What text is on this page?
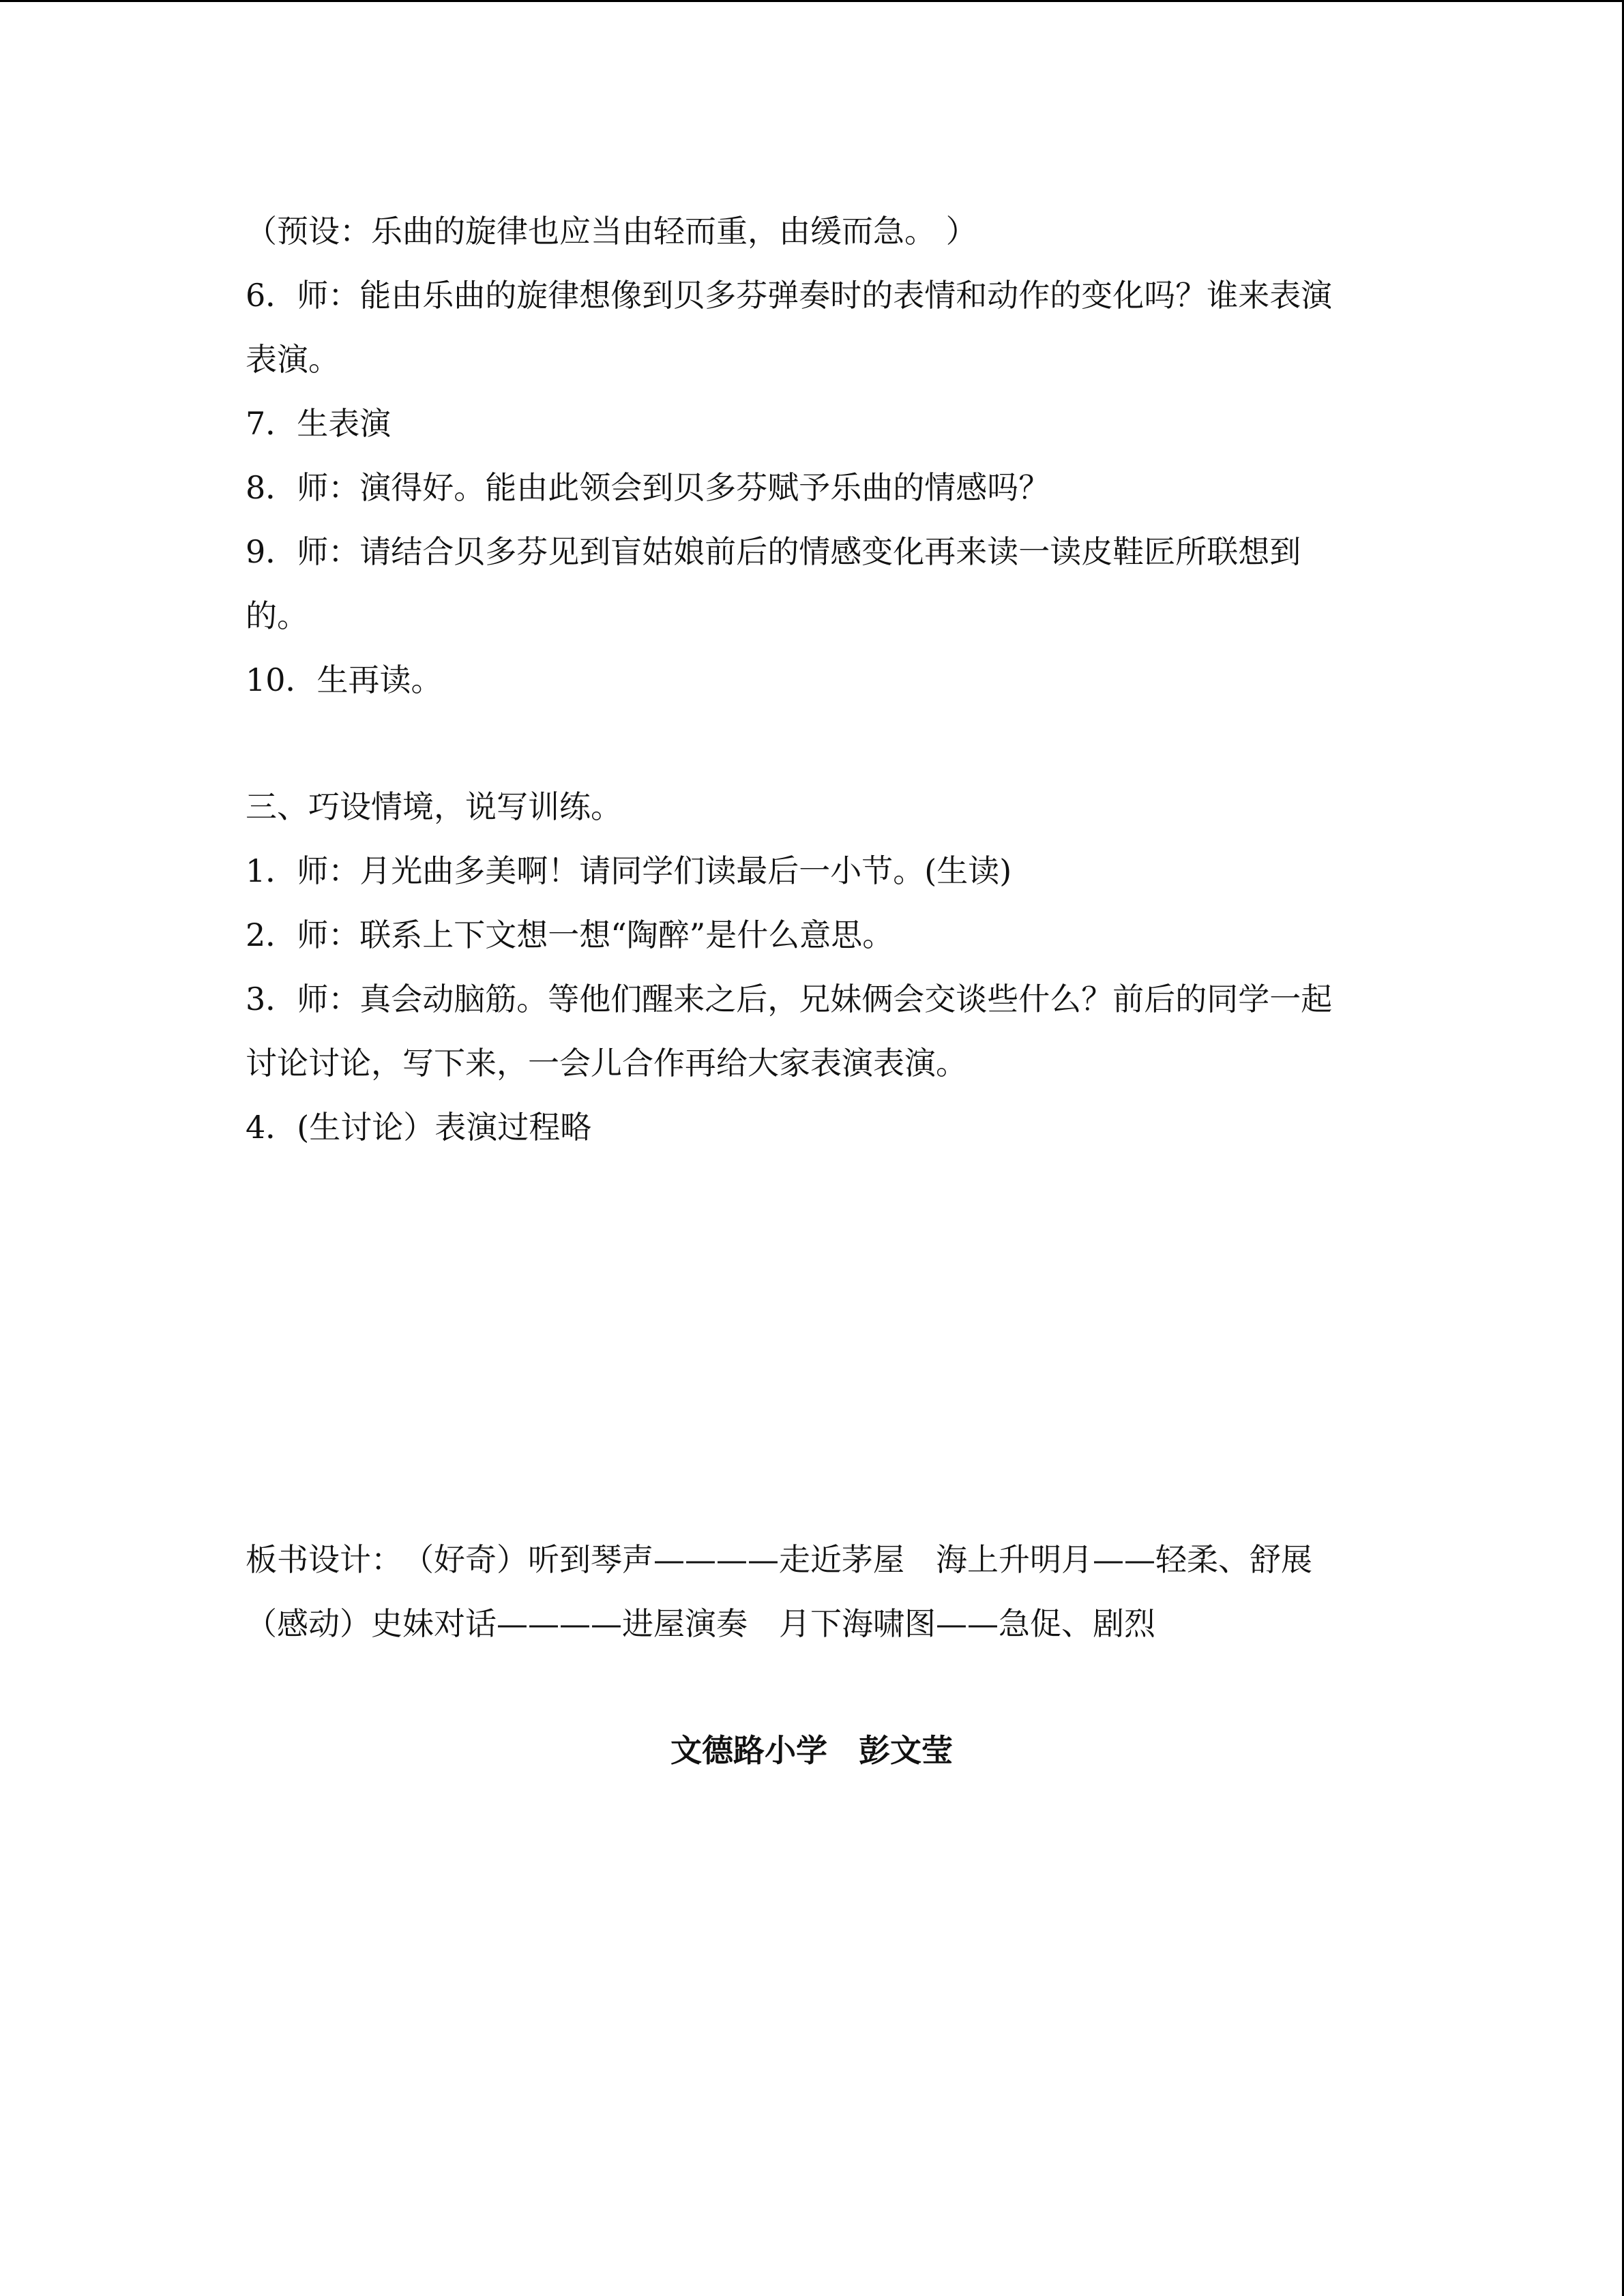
（预设：乐曲的旋律也应当由轻而重，由缓而急。 ）
6．师：能由乐曲的旋律想像到贝多芬弹奏时的表情和动作的变化吗？谁来表演
表演。
7．生表演
8．师：演得好。能由此领会到贝多芬赋予乐曲的情感吗？
9．师：请结合贝多芬见到盲姑娘前后的情感变化再来读一读皮鞋匠所联想到
的。
10．生再读。
三、巧设情境，说写训练。
1．师：月光曲多美啊！请同学们读最后一小节。(生读)
2．师：联系上下文想一想“陶醉”是什么意思。
3．师：真会动脑筋。等他们醒来之后，兄妹俩会交谈些什么？前后的同学一起
讨论讨论，写下来，一会儿合作再给大家表演表演。
4．(生讨论）表演过程略
板书设计：　（好奇）听到琴声————走近茅屋　海上升明月——轻柔、舒展
（感动）史妹对话————进屋演奏　月下海啸图——急促、剧烈
文德路小学　彭文莹
